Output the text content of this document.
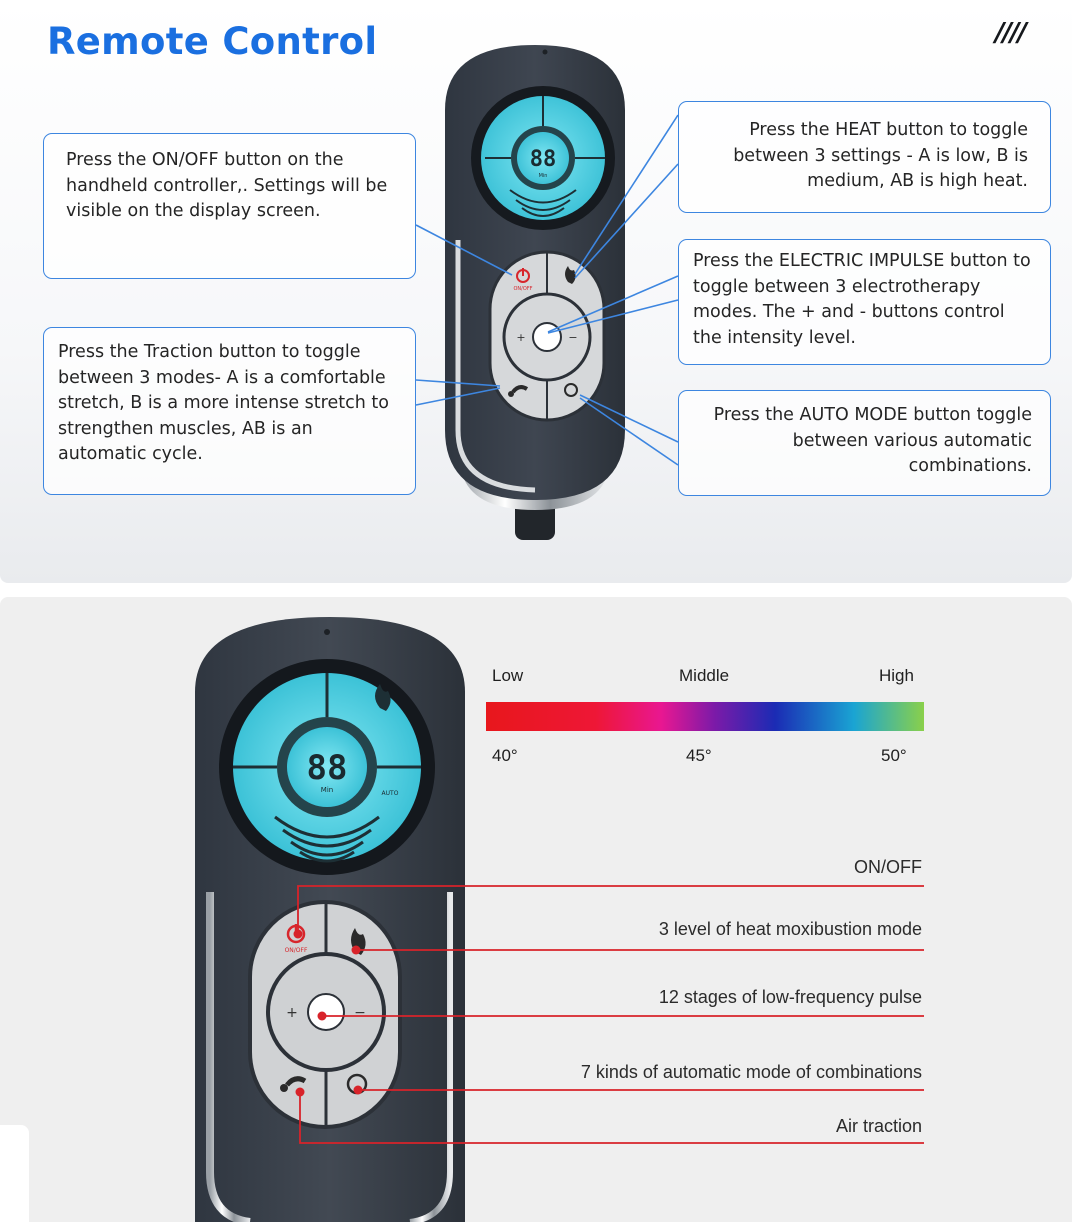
Remote Control	////
88
Min
+	−
ON/OFF
Press the ON/OFF button on the handheld controller,. Settings will be visible on the display screen.
Press the Traction button to toggle between 3 modes- A is a comfortable stretch, B is a more intense stretch to strengthen muscles, AB is an automatic cycle.
Press the HEAT button to toggle between 3 settings - A is low, B is medium, AB is high heat.
Press the ELECTRIC IMPULSE button to toggle between 3 electrotherapy modes. The + and - buttons control the intensity level.
Press the AUTO MODE button toggle between various automatic combinations.
88
Min	AUTO
+	−
ON/OFF
Low	Middle	High
40°	45°	50°
ON/OFF
3 level of heat moxibustion mode
12 stages of low-frequency pulse
7 kinds of automatic mode of combinations
Air traction
